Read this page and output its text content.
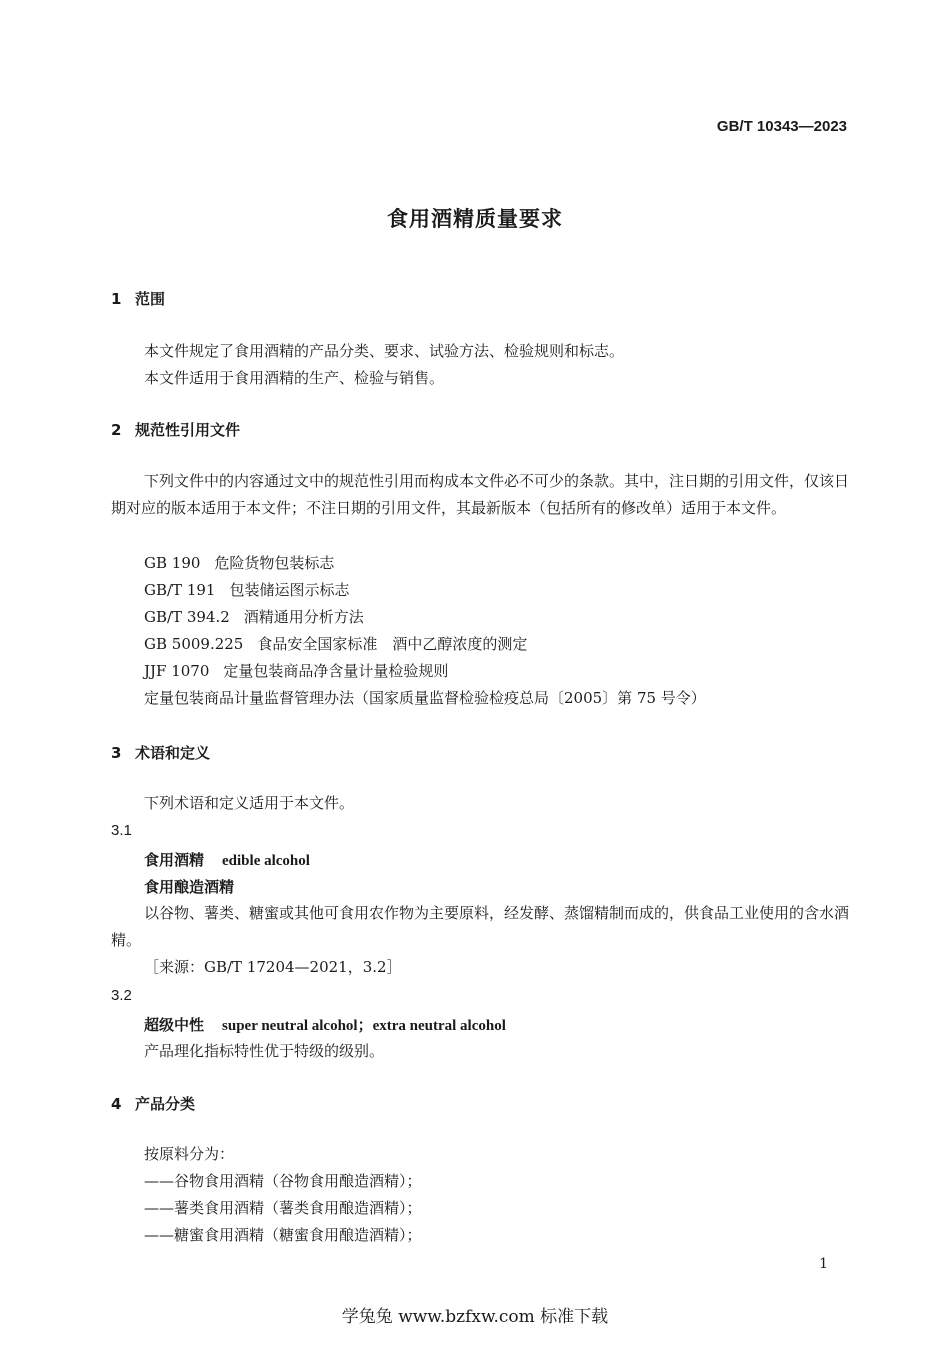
GB/T 10343—2023
食用酒精质量要求
1 范围
本文件规定了食用酒精的产品分类、要求、试验方法、检验规则和标志。
本文件适用于食用酒精的生产、检验与销售。
2 规范性引用文件
下列文件中的内容通过文中的规范性引用而构成本文件必不可少的条款。其中，注日期的引用文件，仅该日期对应的版本适用于本文件；不注日期的引用文件，其最新版本（包括所有的修改单）适用于本文件。
GB 190 危险货物包装标志
GB/T 191 包装储运图示标志
GB/T 394.2 酒精通用分析方法
GB 5009.225 食品安全国家标准　酒中乙醇浓度的测定
JJF 1070 定量包装商品净含量计量检验规则
定量包装商品计量监督管理办法（国家质量监督检验检疫总局〔2005〕第 75 号令）
3 术语和定义
下列术语和定义适用于本文件。
3.1
食用酒精 edible alcohol
食用酿造酒精
以谷物、薯类、糖蜜或其他可食用农作物为主要原料，经发酵、蒸馏精制而成的，供食品工业使用的含水酒精。
［来源：GB/T 17204—2021，3.2］
3.2
超级中性 super neutral alcohol；extra neutral alcohol
产品理化指标特性优于特级的级别。
4 产品分类
按原料分为：
——谷物食用酒精（谷物食用酿造酒精）；
——薯类食用酒精（薯类食用酿造酒精）；
——糖蜜食用酒精（糖蜜食用酿造酒精）；
1
学兔兔 www.bzfxw.com 标准下载
